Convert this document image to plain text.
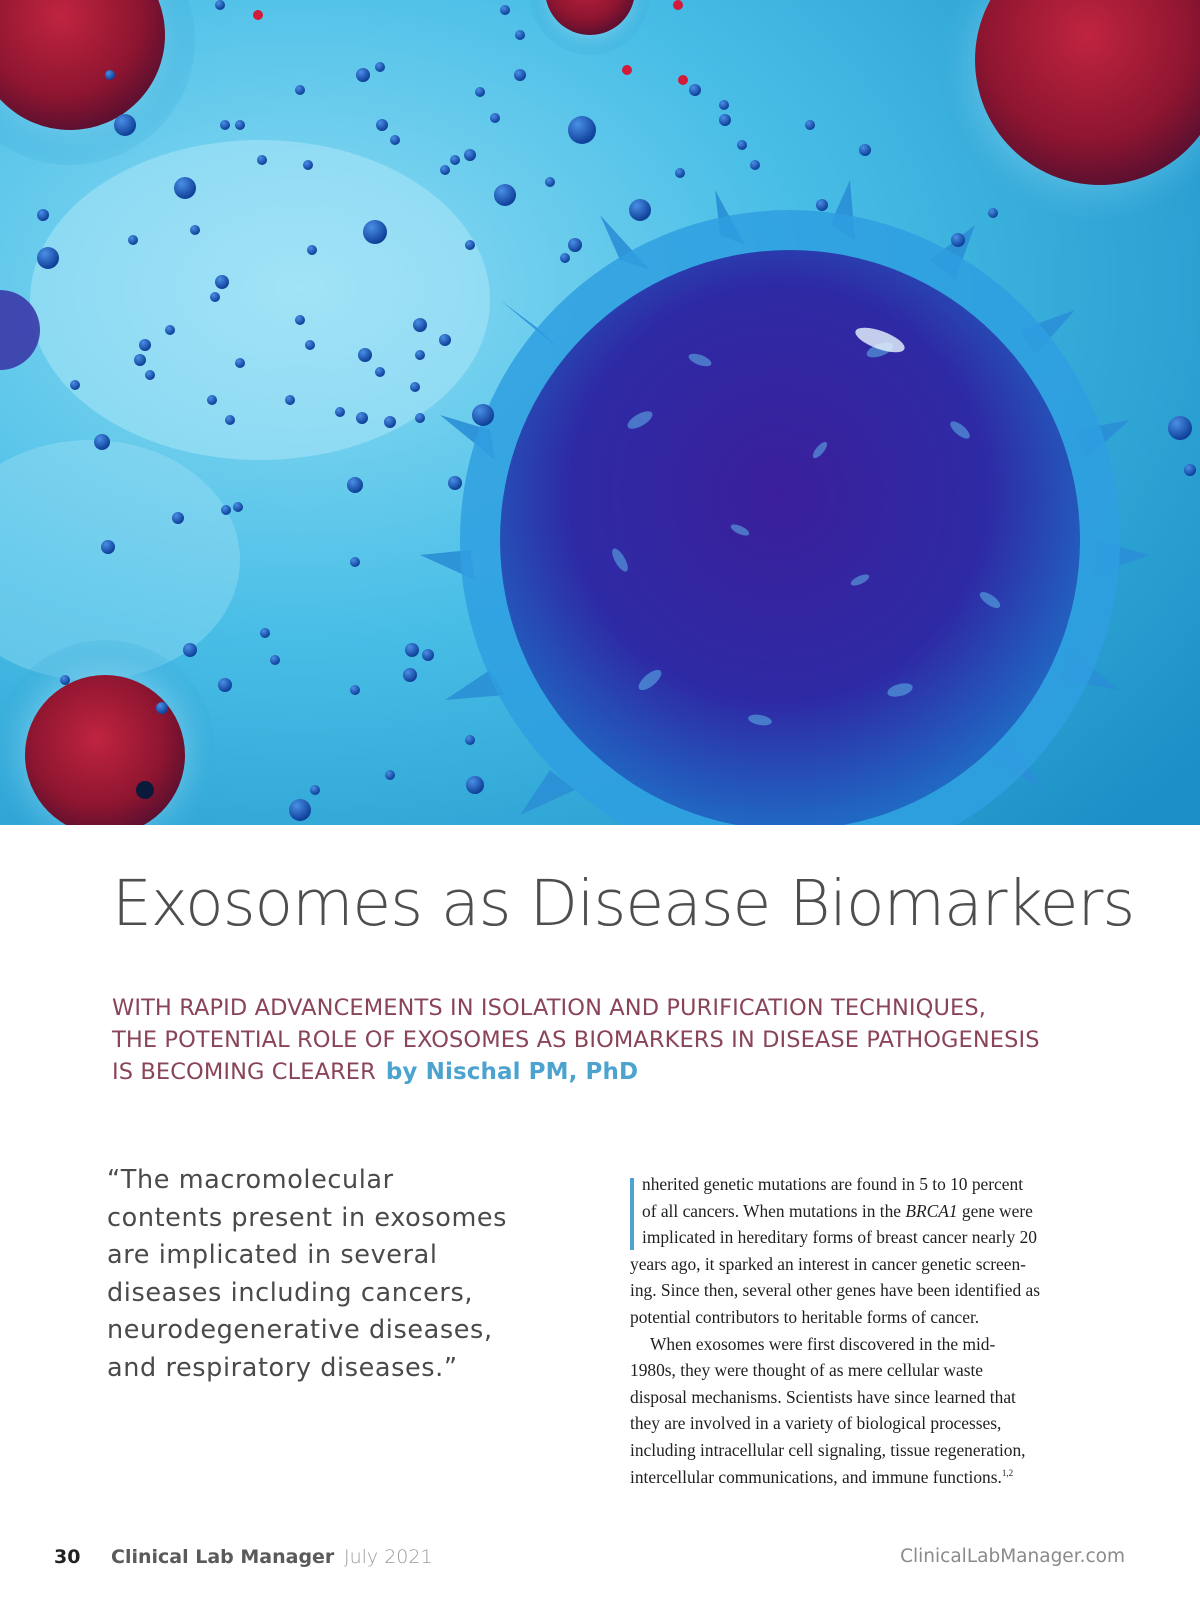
Exosomes as Disease Biomarkers

WITH RAPID ADVANCEMENTS IN ISOLATION AND PURIFICATION TECHNIQUES,
THE POTENTIAL ROLE OF EXOSOMES AS BIOMARKERS IN DISEASE PATHOGENESIS
IS BECOMING CLEARER by Nischal PM, PhD

“The macromolecular
contents present in exosomes
are implicated in several
diseases including cancers,
neurodegenerative diseases,
and respiratory diseases.”
nherited genetic mutations are found in 5 to 10 percent
of all cancers. When mutations in the BRCA1 gene were
implicated in hereditary forms of breast cancer nearly 20
years ago, it sparked an interest in cancer genetic screen-
ing. Since then, several other genes have been identified as
potential contributors to heritable forms of cancer.
When exosomes were first discovered in the mid-
1980s, they were thought of as mere cellular waste
disposal mechanisms. Scientists have since learned that
they are involved in a variety of biological processes,
including intracellular cell signaling, tissue regeneration,
intercellular communications, and immune functions.$^{1,2}$
30 Clinical Lab Manager July 2021	ClinicalLabManager.com
